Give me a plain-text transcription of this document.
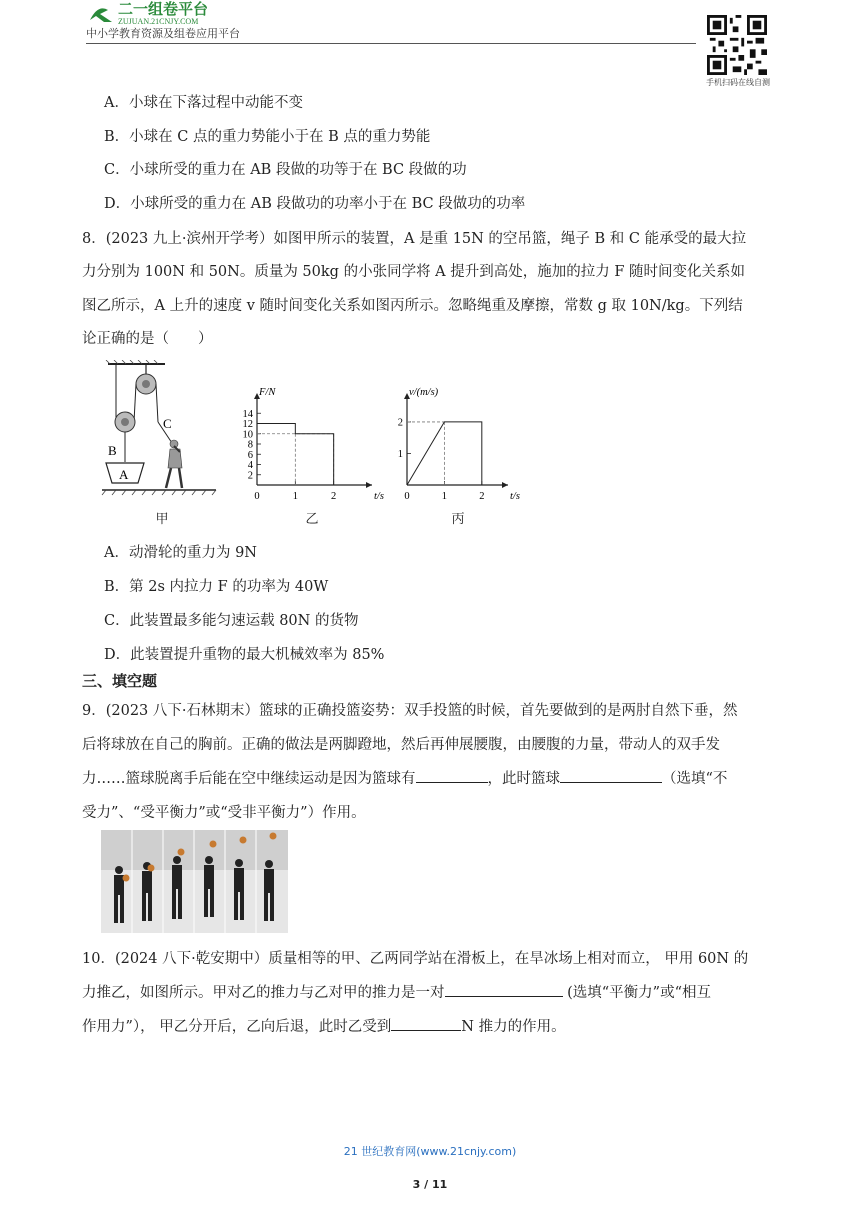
二一组卷平台
ZUJUAN.21CNJY.COM
中小学教育资源及组卷应用平台
手机扫码在线自测
A．小球在下落过程中动能不变
B．小球在 C 点的重力势能小于在 B 点的重力势能
C．小球所受的重力在 AB 段做的功等于在 BC 段做的功
D．小球所受的重力在 AB 段做功的功率小于在 BC 段做功的功率
8．(2023 九上·滨州开学考）如图甲所示的装置，A 是重 15N 的空吊篮，绳子 B 和 C 能承受的最大拉
力分别为 100N 和 50N。质量为 50kg 的小张同学将 A 提升到高处，施加的拉力 F 随时间变化关系如
图乙所示，A 上升的速度 v 随时间变化关系如图丙所示。忽略绳重及摩擦，常数 g 取 10N/kg。下列结
论正确的是（　　）
B
C
A	2
4
6
8
10
12
14
0	1	2	t/s
F/N
1
2
0	1	2 t/s
v/(m/s)
甲	乙	丙
A．动滑轮的重力为 9N
B．第 2s 内拉力 F 的功率为 40W
C．此装置最多能匀速运载 80N 的货物
D．此装置提升重物的最大机械效率为 85%
三、填空题
9．(2023 八下·石林期末）篮球的正确投篮姿势：双手投篮的时候，首先要做到的是两肘自然下垂，然
后将球放在自己的胸前。正确的做法是两脚蹬地，然后再伸展腰腹，由腰腹的力量，带动人的双手发
力……篮球脱离手后能在空中继续运动是因为篮球有	，此时篮球	（选填“不
受力”、“受平衡力”或“受非平衡力”）作用。
10．(2024 八下·乾安期中）质量相等的甲、乙两同学站在滑板上，在旱冰场上相对而立， 甲用 60N 的
力推乙，如图所示。甲对乙的推力与乙对甲的推力是一对	(选填“平衡力”或“相互
作用力”）， 甲乙分开后，乙向后退，此时乙受到	N 推力的作用。
21 世纪教育网(www.21cnjy.com)
3 / 11
